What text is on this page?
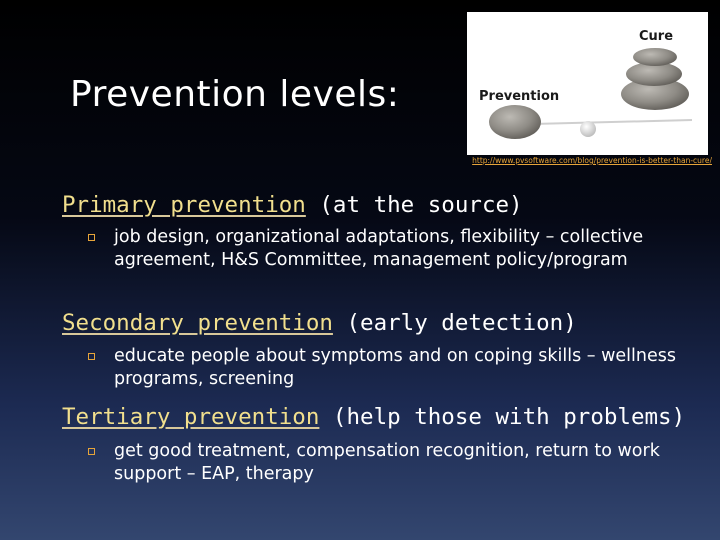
Prevention levels:
Cure
Prevention
http://www.pvsoftware.com/blog/prevention-is-better-than-cure/
Primary prevention (at the source)
job design, organizational adaptations, flexibility – collective agreement, H&S Committee, management policy/program
Secondary prevention (early detection)
educate people about symptoms and on coping skills – wellness programs, screening
Tertiary prevention (help those with problems)
get good treatment, compensation recognition, return to work support – EAP, therapy
